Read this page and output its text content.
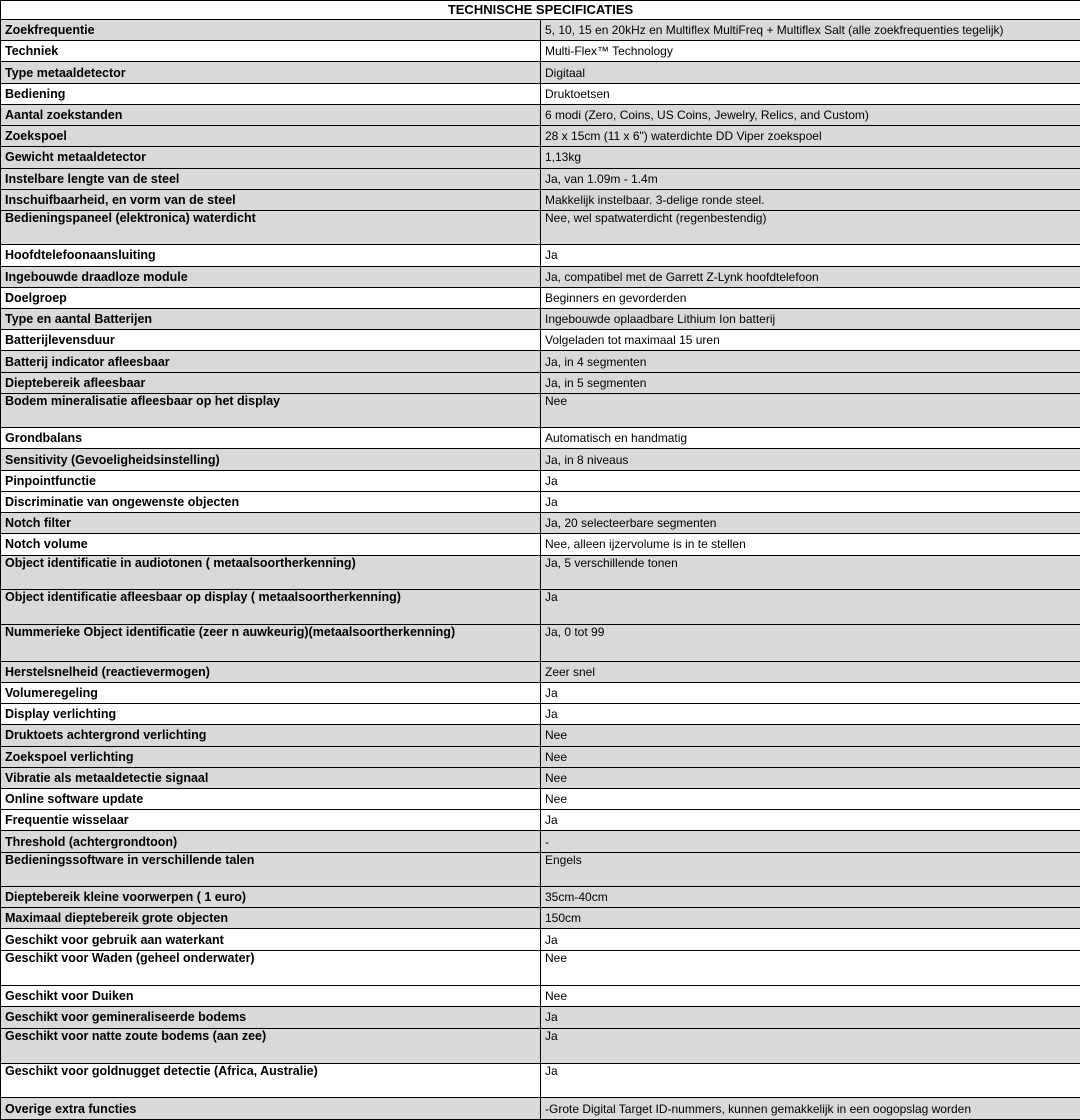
TECHNISCHE SPECIFICATIES	
Zoekfrequentie	5, 10, 15 en 20kHz en Multiflex MultiFreq + Multiflex Salt (alle zoekfrequenties tegelijk)
Techniek	Multi-Flex™ Technology
Type metaaldetector	Digitaal
Bediening	Druktoetsen
Aantal zoekstanden	6 modi (Zero, Coins, US Coins, Jewelry, Relics, and Custom)
Zoekspoel	28 x 15cm (11 x 6") waterdichte DD Viper zoekspoel
Gewicht metaaldetector	1,13kg
Instelbare lengte van de steel	Ja, van 1.09m - 1.4m
Inschuifbaarheid, en vorm van de steel	Makkelijk instelbaar. 3-delige ronde steel.
Bedieningspaneel (elektronica) waterdicht	Nee, wel spatwaterdicht (regenbestendig)
Hoofdtelefoonaansluiting	Ja
Ingebouwde draadloze module	Ja, compatibel met de Garrett Z-Lynk hoofdtelefoon
Doelgroep	Beginners en gevorderden
Type en aantal Batterijen	Ingebouwde oplaadbare Lithium Ion batterij
Batterijlevensduur	Volgeladen tot maximaal 15 uren
Batterij indicator afleesbaar	Ja, in 4 segmenten
Dieptebereik afleesbaar	Ja, in 5 segmenten
Bodem mineralisatie afleesbaar op het display	Nee
Grondbalans	Automatisch en handmatig
Sensitivity (Gevoeligheidsinstelling)	Ja, in 8 niveaus
Pinpointfunctie	Ja
Discriminatie van ongewenste objecten	Ja
Notch filter	Ja, 20 selecteerbare segmenten
Notch volume	Nee, alleen ijzervolume is in te stellen
Object identificatie in audiotonen ( metaalsoortherkenning)	Ja, 5 verschillende tonen
Object identificatie afleesbaar op display ( metaalsoortherkenning)	Ja
Nummerieke Object identificatie (zeer n auwkeurig)(metaalsoortherkenning)	Ja, 0 tot 99
Herstelsnelheid (reactievermogen)	Zeer snel
Volumeregeling	Ja
Display verlichting	Ja
Druktoets achtergrond verlichting	Nee
Zoekspoel verlichting	Nee
Vibratie als metaaldetectie signaal	Nee
Online software update	Nee
Frequentie wisselaar	Ja
Threshold (achtergrondtoon)	-
Bedieningssoftware in verschillende talen	Engels
Dieptebereik kleine voorwerpen ( 1 euro)	35cm-40cm
Maximaal dieptebereik grote objecten	150cm
Geschikt voor gebruik aan waterkant	Ja
Geschikt voor Waden (geheel onderwater)	Nee
Geschikt voor Duiken	Nee
Geschikt voor gemineraliseerde bodems	Ja
Geschikt voor natte zoute bodems (aan zee)	Ja
Geschikt voor goldnugget detectie (Africa, Australie)	Ja
Overige extra functies	-Grote Digital Target ID-nummers, kunnen gemakkelijk in een oogopslag worden
